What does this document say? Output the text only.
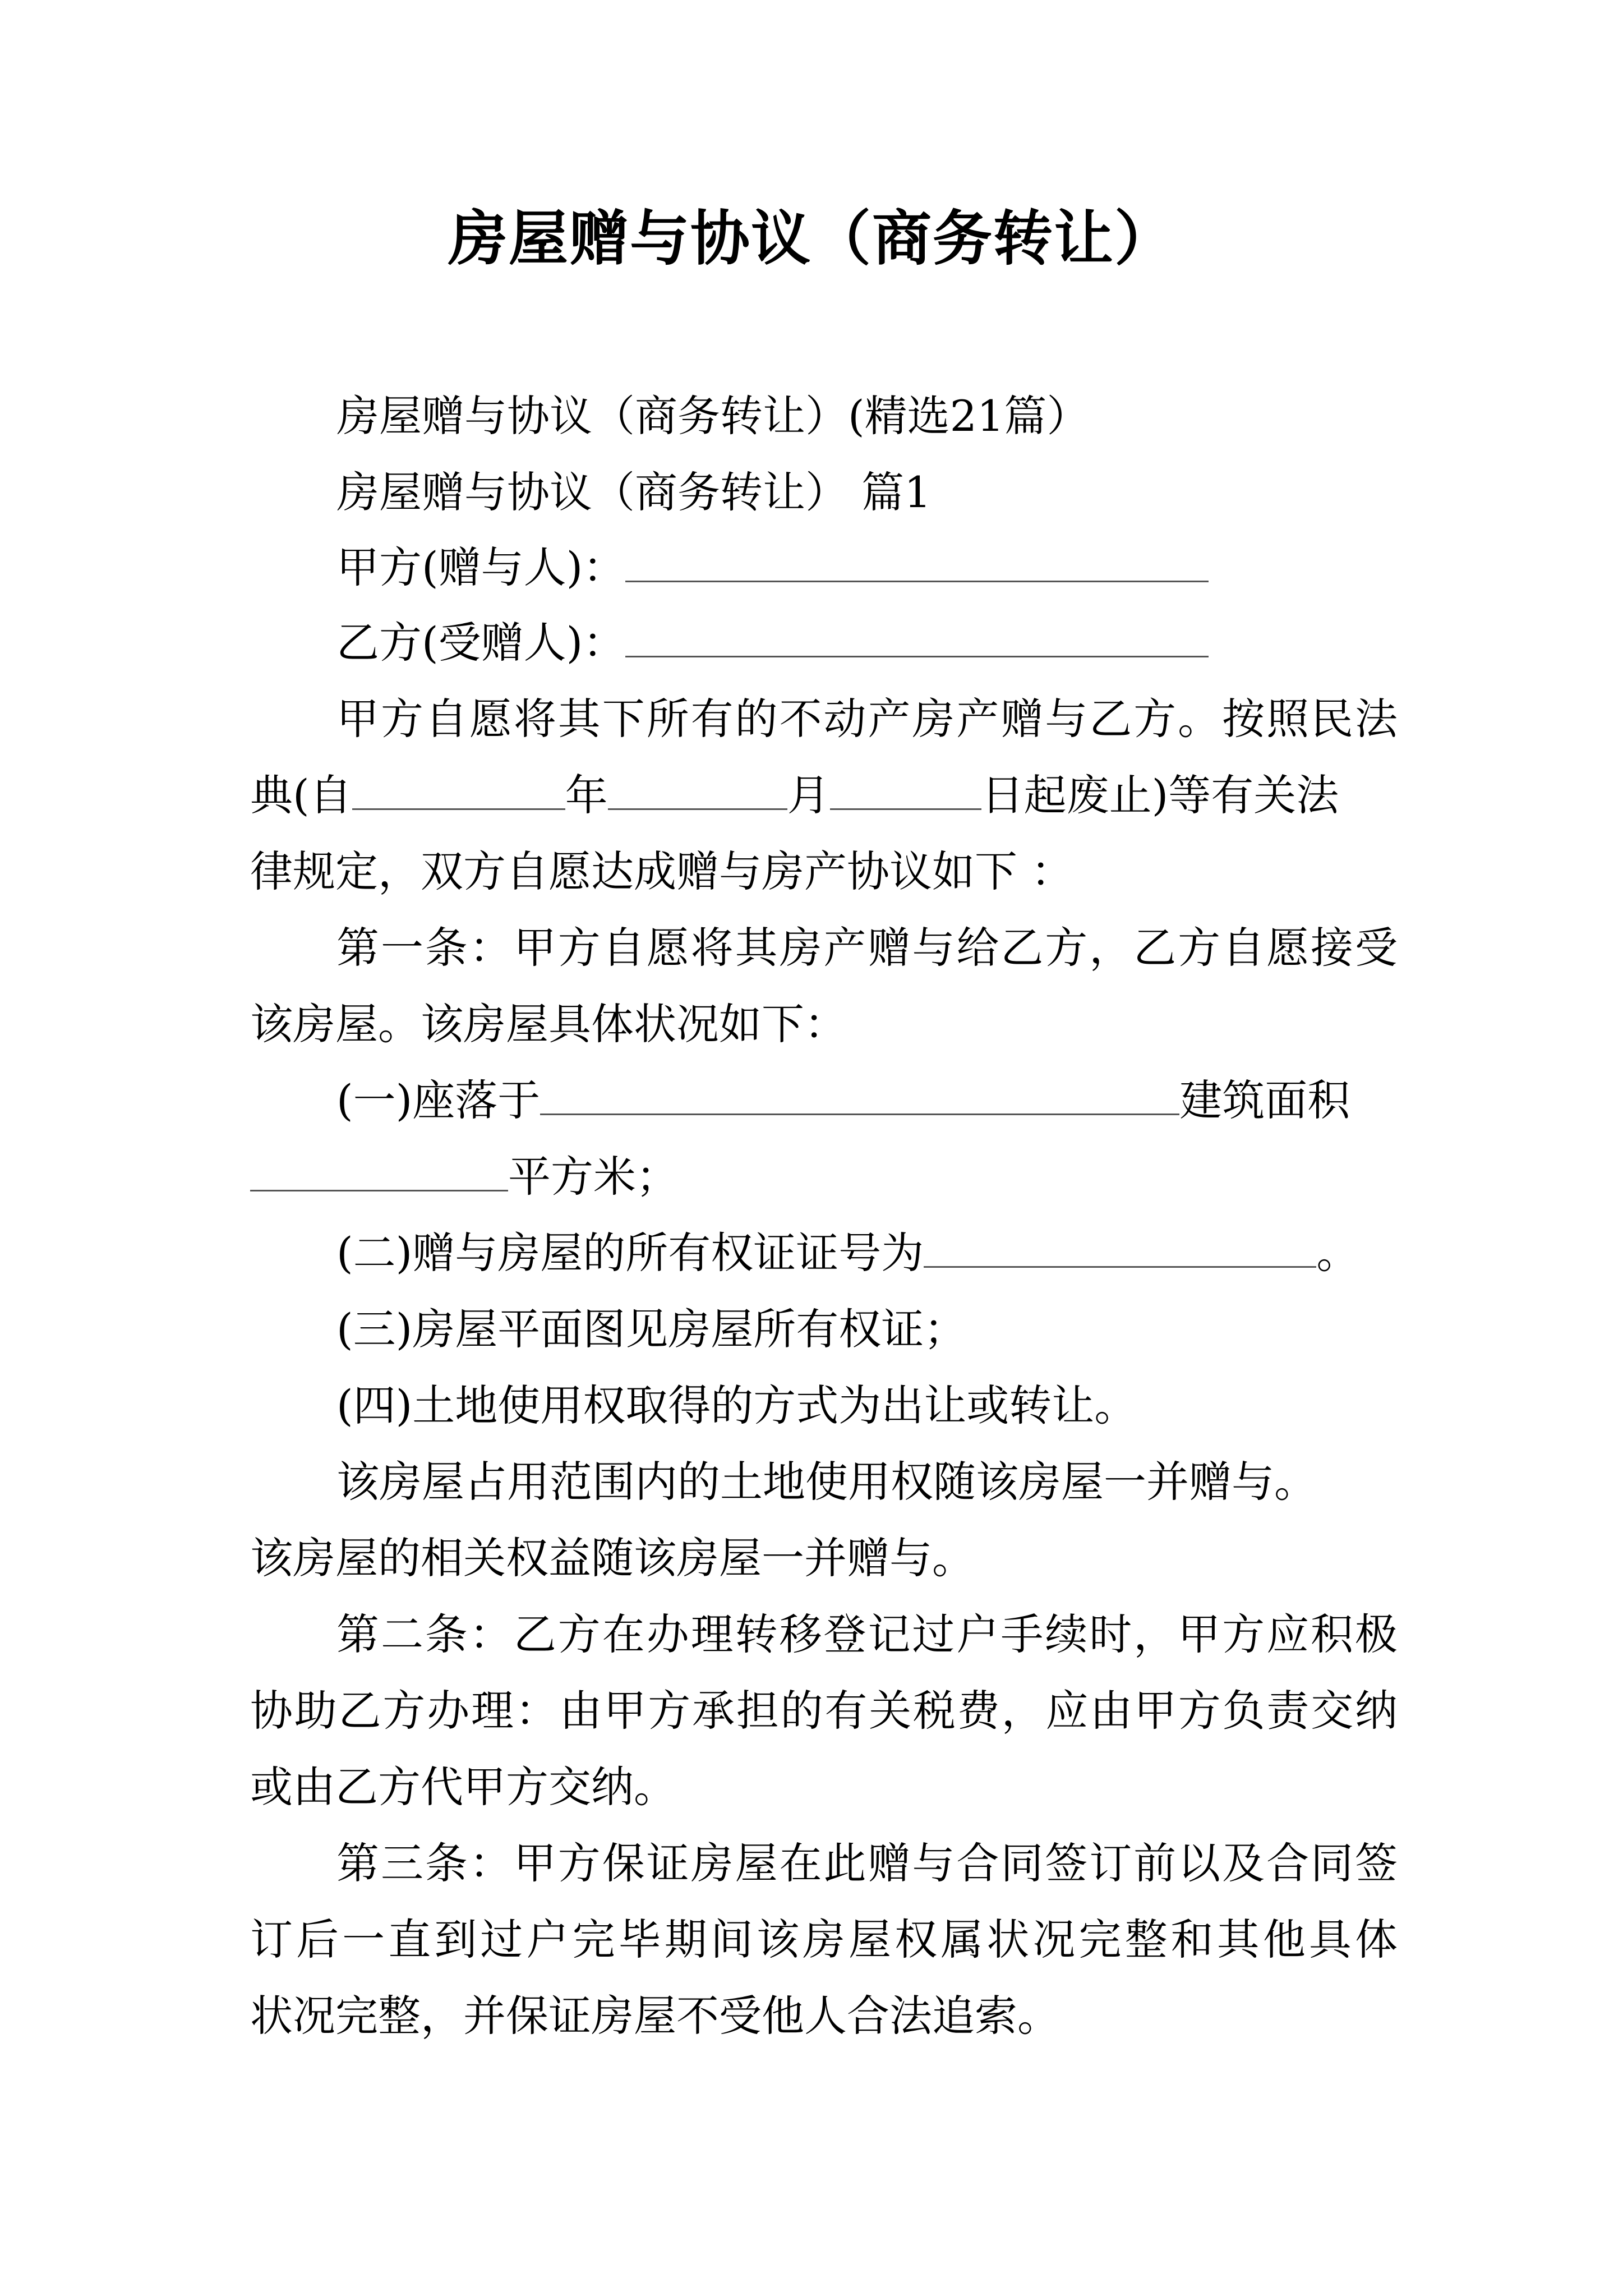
房屋赠与协议（商务转让）
房屋赠与协议（商务转让）(精选21篇）
房屋赠与协议（商务转让） 篇1
甲方(赠与人)：
乙方(受赠人)：
甲方自愿将其下所有的不动产房产赠与乙方。按照民法
典(自	年	月	日起废止)等有关法
律规定，双方自愿达成赠与房产协议如下 ：
第一条：甲方自愿将其房产赠与给乙方，乙方自愿接受
该房屋。该房屋具体状况如下：
(一)座落于	建筑面积
平方米；
(二)赠与房屋的所有权证证号为	。
(三)房屋平面图见房屋所有权证；
(四)土地使用权取得的方式为出让或转让。
该房屋占用范围内的土地使用权随该房屋一并赠与。
该房屋的相关权益随该房屋一并赠与。
第二条：乙方在办理转移登记过户手续时，甲方应积极
协助乙方办理：由甲方承担的有关税费，应由甲方负责交纳
或由乙方代甲方交纳。
第三条：甲方保证房屋在此赠与合同签订前以及合同签
订后一直到过户完毕期间该房屋权属状况完整和其他具体
状况完整，并保证房屋不受他人合法追索。
